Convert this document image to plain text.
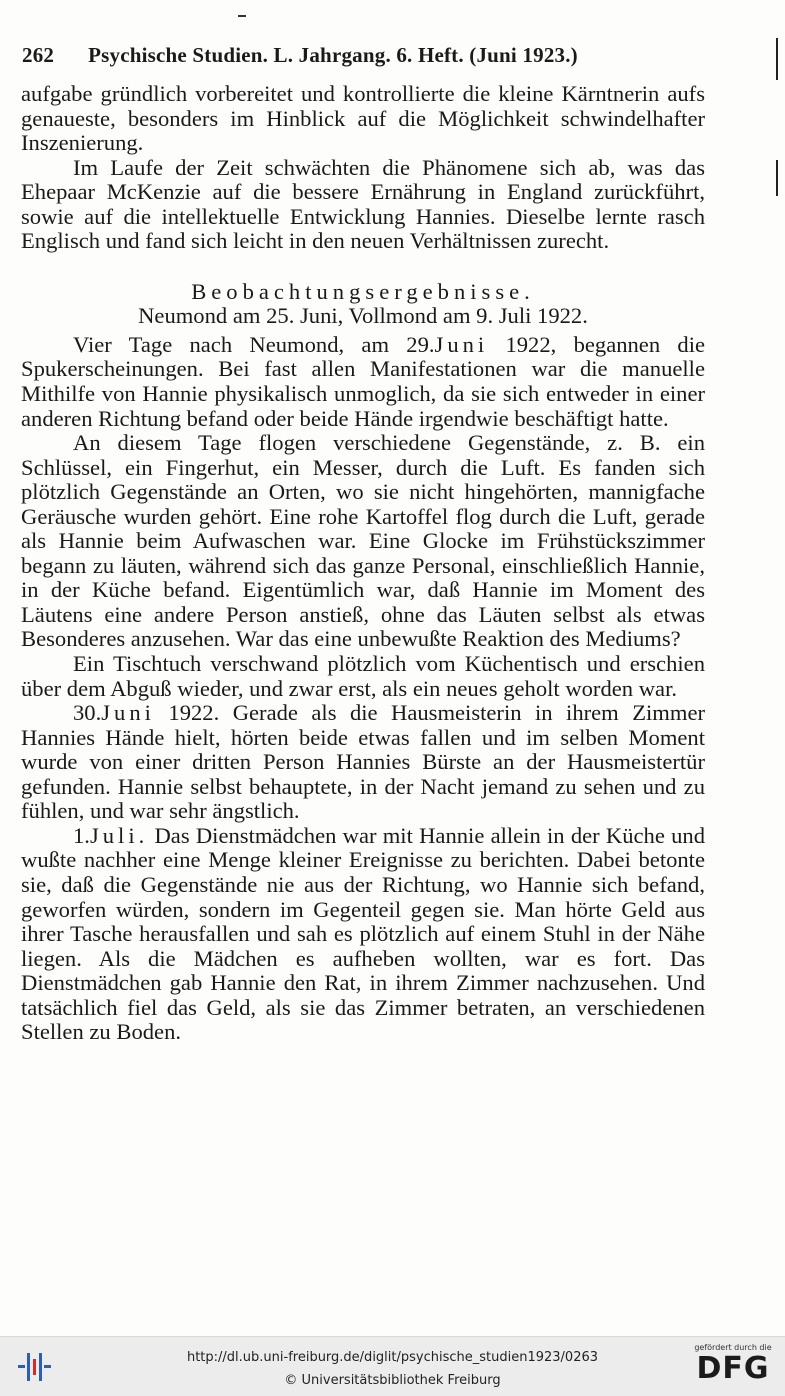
262 Psychische Studien. L. Jahrgang. 6. Heft. (Juni 1923.)

aufgabe gründlich vorbereitet und kontrollierte die kleine Kärntnerin aufs genaueste, besonders im Hinblick auf die Möglichkeit schwindelhafter Inszenierung.

Im Laufe der Zeit schwächten die Phänomene sich ab, was das Ehepaar McKenzie auf die bessere Ernährung in England zurückführt, sowie auf die intellektuelle Entwicklung Hannies. Dieselbe lernte rasch Englisch und fand sich leicht in den neuen Verhältnissen zurecht.

Beobachtungsergebnisse.

Neumond am 25. Juni, Vollmond am 9. Juli 1922.

Vier Tage nach Neumond, am 29.Juni 1922, begannen die Spukerscheinungen. Bei fast allen Manifestationen war die manuelle Mithilfe von Hannie physikalisch unmoglich, da sie sich entweder in einer anderen Richtung befand oder beide Hände irgendwie beschäftigt hatte.

An diesem Tage flogen verschiedene Gegenstände, z. B. ein Schlüssel, ein Fingerhut, ein Messer, durch die Luft. Es fanden sich plötzlich Gegenstände an Orten, wo sie nicht hingehörten, mannigfache Geräusche wurden gehört. Eine rohe Kartoffel flog durch die Luft, gerade als Hannie beim Aufwaschen war. Eine Glocke im Frühstückszimmer begann zu läuten, während sich das ganze Personal, einschließlich Hannie, in der Küche befand. Eigentümlich war, daß Hannie im Moment des Läutens eine andere Person anstieß, ohne das Läuten selbst als etwas Besonderes anzusehen. War das eine unbewußte Reaktion des Mediums?

Ein Tischtuch verschwand plötzlich vom Küchentisch und erschien über dem Abguß wieder, und zwar erst, als ein neues geholt worden war.

30.Juni 1922. Gerade als die Hausmeisterin in ihrem Zimmer Hannies Hände hielt, hörten beide etwas fallen und im selben Moment wurde von einer dritten Person Hannies Bürste an der Hausmeistertür gefunden. Hannie selbst behauptete, in der Nacht jemand zu sehen und zu fühlen, und war sehr ängstlich.

1.Juli. Das Dienstmädchen war mit Hannie allein in der Küche und wußte nachher eine Menge kleiner Ereignisse zu berichten. Dabei betonte sie, daß die Gegenstände nie aus der Richtung, wo Hannie sich befand, geworfen würden, sondern im Gegenteil gegen sie. Man hörte Geld aus ihrer Tasche herausfallen und sah es plötzlich auf einem Stuhl in der Nähe liegen. Als die Mädchen es aufheben wollten, war es fort. Das Dienstmädchen gab Hannie den Rat, in ihrem Zimmer nachzusehen. Und tatsächlich fiel das Geld, als sie das Zimmer betraten, an verschiedenen Stellen zu Boden.

http://dl.ub.uni-freiburg.de/diglit/psychische_studien1923/0263
© Universitätsbibliothek Freiburg
gefördert durch die
DFG
